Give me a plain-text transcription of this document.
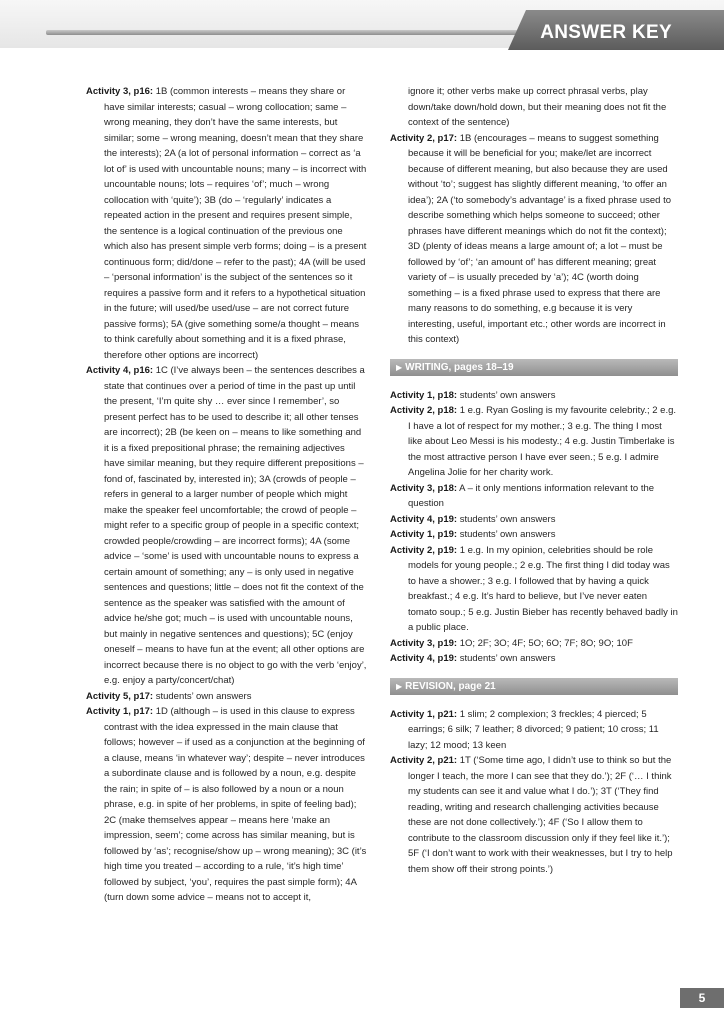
ANSWER KEY

Activity 3, p16: 1B (common interests – means they share or have similar interests; casual – wrong collocation; same – wrong meaning, they don’t have the same interests, but similar; some – wrong meaning, doesn’t mean that they share the interests); 2A (a lot of personal information – correct as ‘a lot of’ is used with uncountable nouns; many – is incorrect with uncountable nouns; lots – requires ‘of’; much – wrong collocation with ‘quite’); 3B (do – ‘regularly’ indicates a repeated action in the present and requires present simple, the sentence is a logical continuation of the previous one which also has present simple verb forms; doing – is a present continuous form; did/done – refer to the past); 4A (will be used – ‘personal information’ is the subject of the sentences so it requires a passive form and it refers to a hypothetical situation in the future; will used/be used/use – are not correct future passive forms); 5A (give something some/a thought – means to think carefully about something and it is a fixed phrase, therefore other options are incorrect)

Activity 4, p16: 1C (I’ve always been – the sentences describes a state that continues over a period of time in the past up until the present, ‘I’m quite shy … ever since I remember’, so present perfect has to be used to describe it; all other tenses are incorrect); 2B (be keen on – means to like something and it is a fixed prepositional phrase; the remaining adjectives have similar meaning, but they require different prepositions – fond of, fascinated by, interested in); 3A (crowds of people – refers in general to a larger number of people which might make the speaker feel uncomfortable; the crowd of people – might refer to a specific group of people in a specific context; crowded people/crowding – are incorrect forms); 4A (some advice – ‘some’ is used with uncountable nouns to express a certain amount of something; any – is only used in negative sentences and questions; little – does not fit the context of the sentence as the speaker was satisfied with the amount of advice he/she got; much – is used with uncountable nouns, but mainly in negative sentences and questions); 5C (enjoy oneself – means to have fun at the event; all other options are incorrect because there is no object to go with the verb ‘enjoy’, e.g. enjoy a party/concert/chat)

Activity 5, p17: students’ own answers

Activity 1, p17: 1D (although – is used in this clause to express contrast with the idea expressed in the main clause that follows; however – if used as a conjunction at the beginning of a clause, means ‘in whatever way’; despite – never introduces a subordinate clause and is followed by a noun, e.g. despite the rain; in spite of – is also followed by a noun or a noun phrase, e.g. in spite of her problems, in spite of feeling bad); 2C (make themselves appear – means here ‘make an impression, seem’; come across has similar meaning, but is followed by ‘as’; recognise/show up – wrong meaning); 3C (it’s high time you treated – according to a rule, ‘it’s high time’ followed by subject, ‘you’, requires the past simple form); 4A (turn down some advice – means not to accept it,

ignore it; other verbs make up correct phrasal verbs, play down/take down/hold down, but their meaning does not fit the context of the sentence)

Activity 2, p17: 1B (encourages – means to suggest something because it will be beneficial for you; make/let are incorrect because of different meaning, but also because they are used without ‘to’; suggest has slightly different meaning, ‘to offer an idea’); 2A (‘to somebody’s advantage’ is a fixed phrase used to describe something which helps someone to succeed; other phrases have different meanings which do not fit the context); 3D (plenty of ideas means a large amount of; a lot – must be followed by ‘of’; ‘an amount of’ has different meaning; great variety of – is usually preceded by ‘a’); 4C (worth doing something – is a fixed phrase used to express that there are many reasons to do something, e.g because it is very interesting, useful, important etc.; other words are incorrect in this context)

▶ WRITING, pages 18–19

Activity 1, p18: students’ own answers

Activity 2, p18: 1 e.g. Ryan Gosling is my favourite celebrity.; 2 e.g. I have a lot of respect for my mother.; 3 e.g. The thing I most like about Leo Messi is his modesty.; 4 e.g. Justin Timberlake is the most attractive person I have ever seen.; 5 e.g. I admire Angelina Jolie for her charity work.

Activity 3, p18: A – it only mentions information relevant to the question

Activity 4, p19: students’ own answers

Activity 1, p19: students’ own answers

Activity 2, p19: 1 e.g. In my opinion, celebrities should be role models for young people.; 2 e.g. The first thing I did today was to have a shower.; 3 e.g. I followed that by having a quick breakfast.; 4 e.g. It’s hard to believe, but I’ve never eaten tomato soup.; 5 e.g. Justin Bieber has recently behaved badly in a public place.

Activity 3, p19: 1O; 2F; 3O; 4F; 5O; 6O; 7F; 8O; 9O; 10F

Activity 4, p19: students’ own answers

▶ REVISION, page 21

Activity 1, p21: 1 slim; 2 complexion; 3 freckles; 4 pierced; 5 earrings; 6 silk; 7 leather; 8 divorced; 9 patient; 10 cross; 11 lazy; 12 mood; 13 keen

Activity 2, p21: 1T (‘Some time ago, I didn’t use to think so but the longer I teach, the more I can see that they do.’); 2F (‘… I think my students can see it and value what I do.’); 3T (‘They find reading, writing and research challenging activities because these are not done collectively.’); 4F (‘So I allow them to contribute to the classroom discussion only if they feel like it.’); 5F (‘I don’t want to work with their weaknesses, but I try to help them show off their strong points.’)

5
